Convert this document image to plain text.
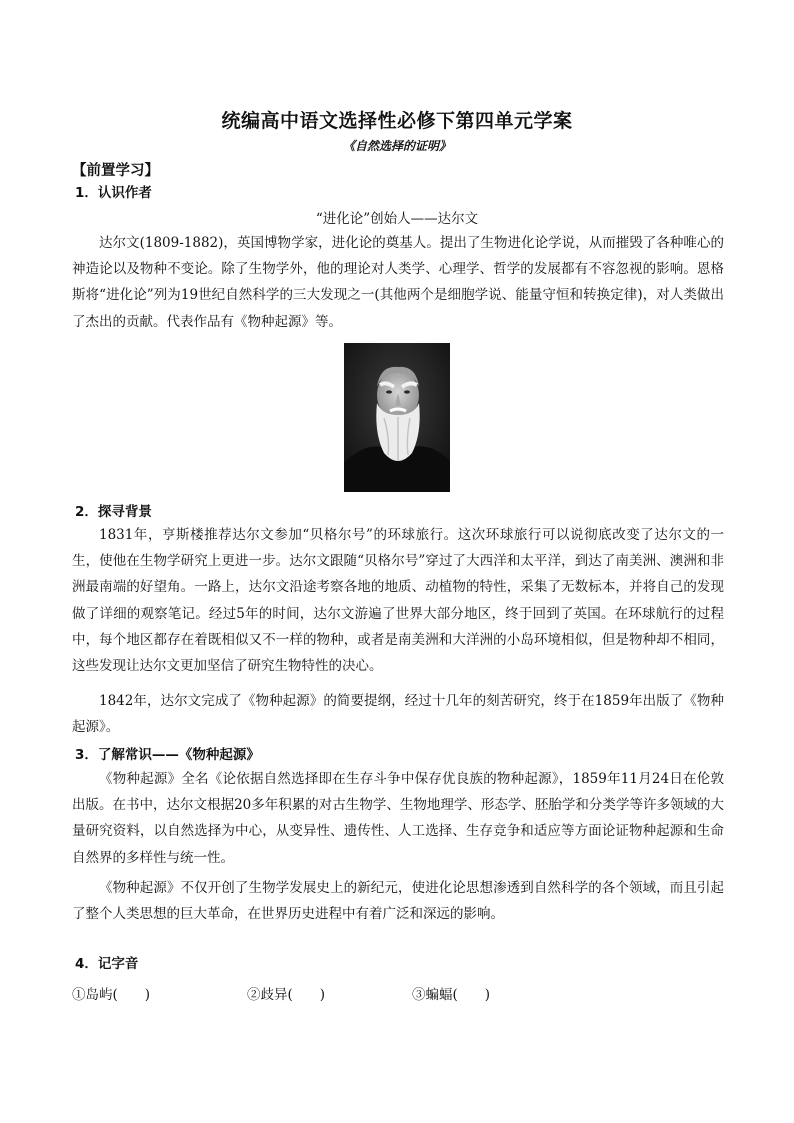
统编高中语文选择性必修下第四单元学案
《自然选择的证明》
【前置学习】
1．认识作者
“进化论”创始人——达尔文

达尔文(1809-1882)，英国博物学家，进化论的奠基人。提出了生物进化论学说，从而摧毁了各种唯心的神造论以及物种不变论。除了生物学外，他的理论对人类学、心理学、哲学的发展都有不容忽视的影响。恩格斯将“进化论”列为19世纪自然科学的三大发现之一(其他两个是细胞学说、能量守恒和转换定律)，对人类做出了杰出的贡献。代表作品有《物种起源》等。

2．探寻背景

1831年，亨斯楼推荐达尔文参加“贝格尔号”的环球旅行。这次环球旅行可以说彻底改变了达尔文的一生，使他在生物学研究上更进一步。达尔文跟随“贝格尔号”穿过了大西洋和太平洋，到达了南美洲、澳洲和非洲最南端的好望角。一路上，达尔文沿途考察各地的地质、动植物的特性，采集了无数标本，并将自己的发现做了详细的观察笔记。经过5年的时间，达尔文游遍了世界大部分地区，终于回到了英国。在环球航行的过程中，每个地区都存在着既相似又不一样的物种，或者是南美洲和大洋洲的小岛环境相似，但是物种却不相同，这些发现让达尔文更加坚信了研究生物特性的决心。

1842年，达尔文完成了《物种起源》的简要提纲，经过十几年的刻苦研究，终于在1859年出版了《物种起源》。

3．了解常识——《物种起源》

《物种起源》全名《论依据自然选择即在生存斗争中保存优良族的物种起源》，1859年11月24日在伦敦出版。在书中，达尔文根据20多年积累的对古生物学、生物地理学、形态学、胚胎学和分类学等许多领域的大量研究资料，以自然选择为中心，从变异性、遗传性、人工选择、生存竞争和适应等方面论证物种起源和生命自然界的多样性与统一性。

《物种起源》不仅开创了生物学发展史上的新纪元，使进化论思想渗透到自然科学的各个领域，而且引起了整个人类思想的巨大革命，在世界历史进程中有着广泛和深远的影响。

4．记字音
①岛屿(　　)	②歧异(　　)	③蝙蝠(　　)
